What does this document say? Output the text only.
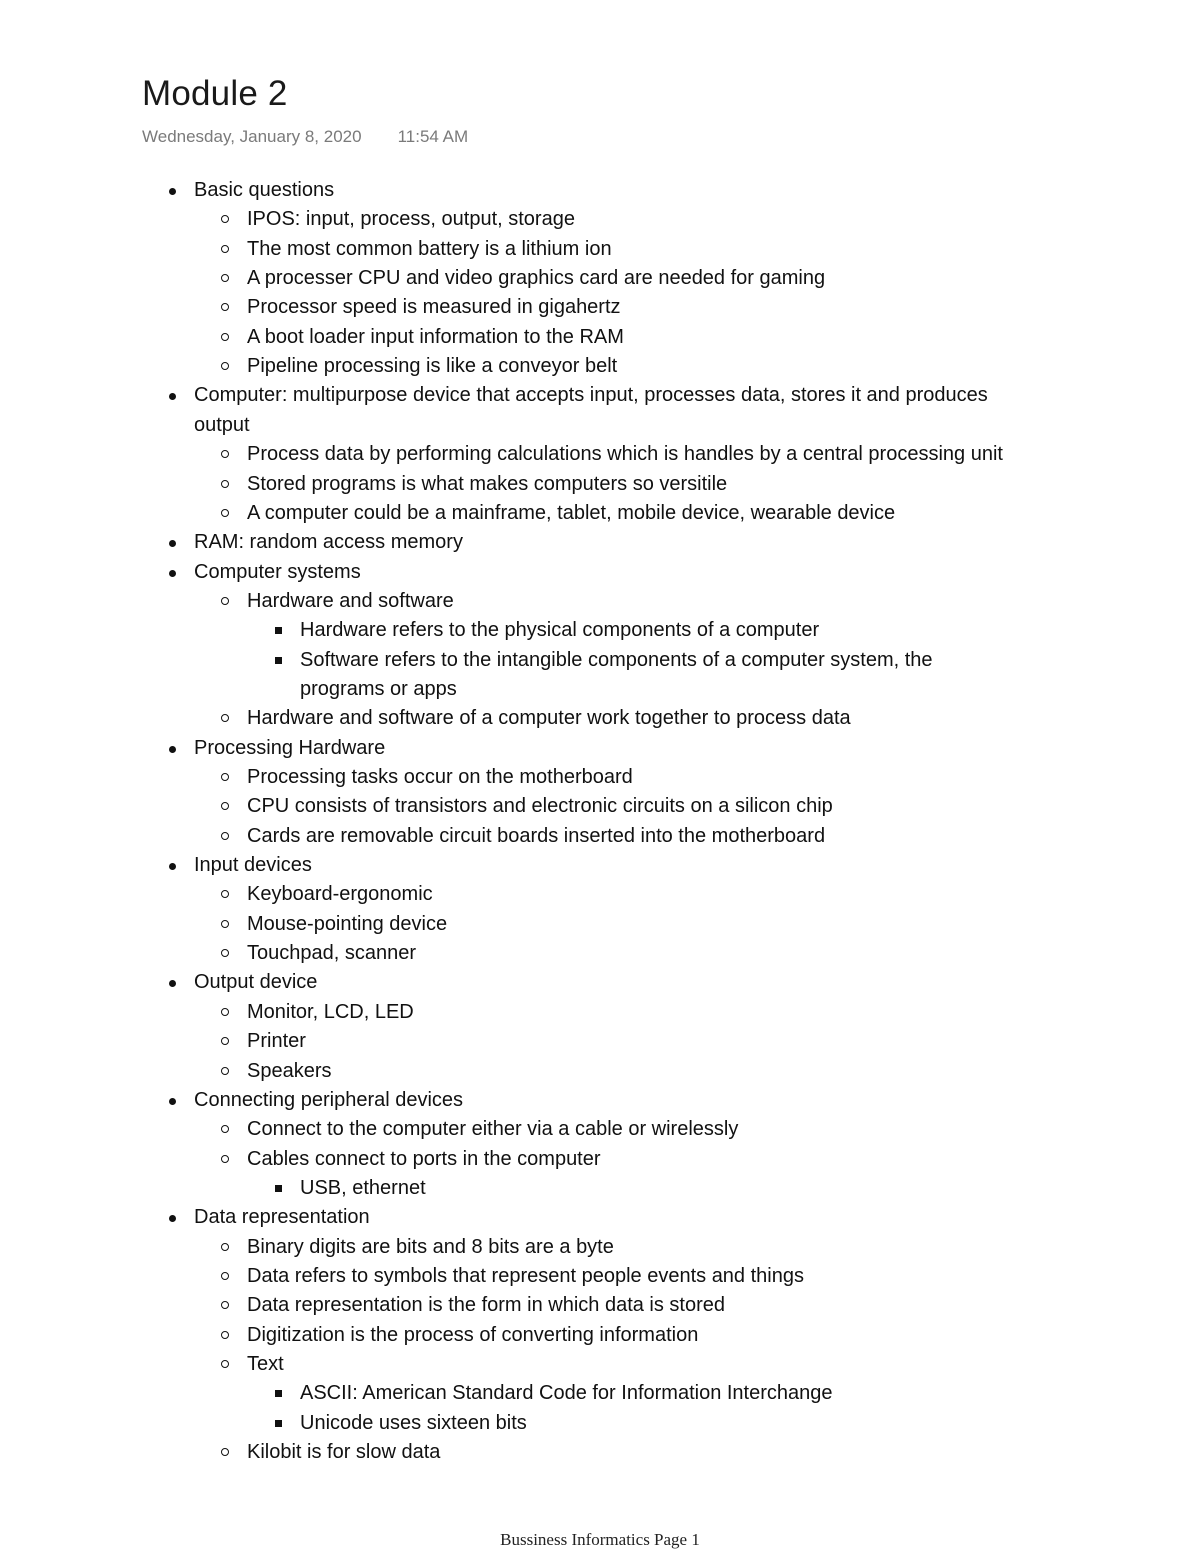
Module 2
Wednesday, January 8, 2020 11:54 AM
Basic questions
IPOS: input, process, output, storage
The most common battery is a lithium ion
A processer CPU and video graphics card are needed for gaming
Processor speed is measured in gigahertz
A boot loader input information to the RAM
Pipeline processing is like a conveyor belt
Computer: multipurpose device that accepts input, processes data, stores it and produces
output
Process data by performing calculations which is handles by a central processing unit
Stored programs is what makes computers so versitile
A computer could be a mainframe, tablet, mobile device, wearable device
RAM: random access memory
Computer systems
Hardware and software
Hardware refers to the physical components of a computer
Software refers to the intangible components of a computer system, the
programs or apps
Hardware and software of a computer work together to process data
Processing Hardware
Processing tasks occur on the motherboard
CPU consists of transistors and electronic circuits on a silicon chip
Cards are removable circuit boards inserted into the motherboard
Input devices
Keyboard-ergonomic
Mouse-pointing device
Touchpad, scanner
Output device
Monitor, LCD, LED
Printer
Speakers
Connecting peripheral devices
Connect to the computer either via a cable or wirelessly
Cables connect to ports in the computer
USB, ethernet
Data representation
Binary digits are bits and 8 bits are a byte
Data refers to symbols that represent people events and things
Data representation is the form in which data is stored
Digitization is the process of converting information
Text
ASCII: American Standard Code for Information Interchange
Unicode uses sixteen bits
Kilobit is for slow data
Bussiness Informatics Page 1
